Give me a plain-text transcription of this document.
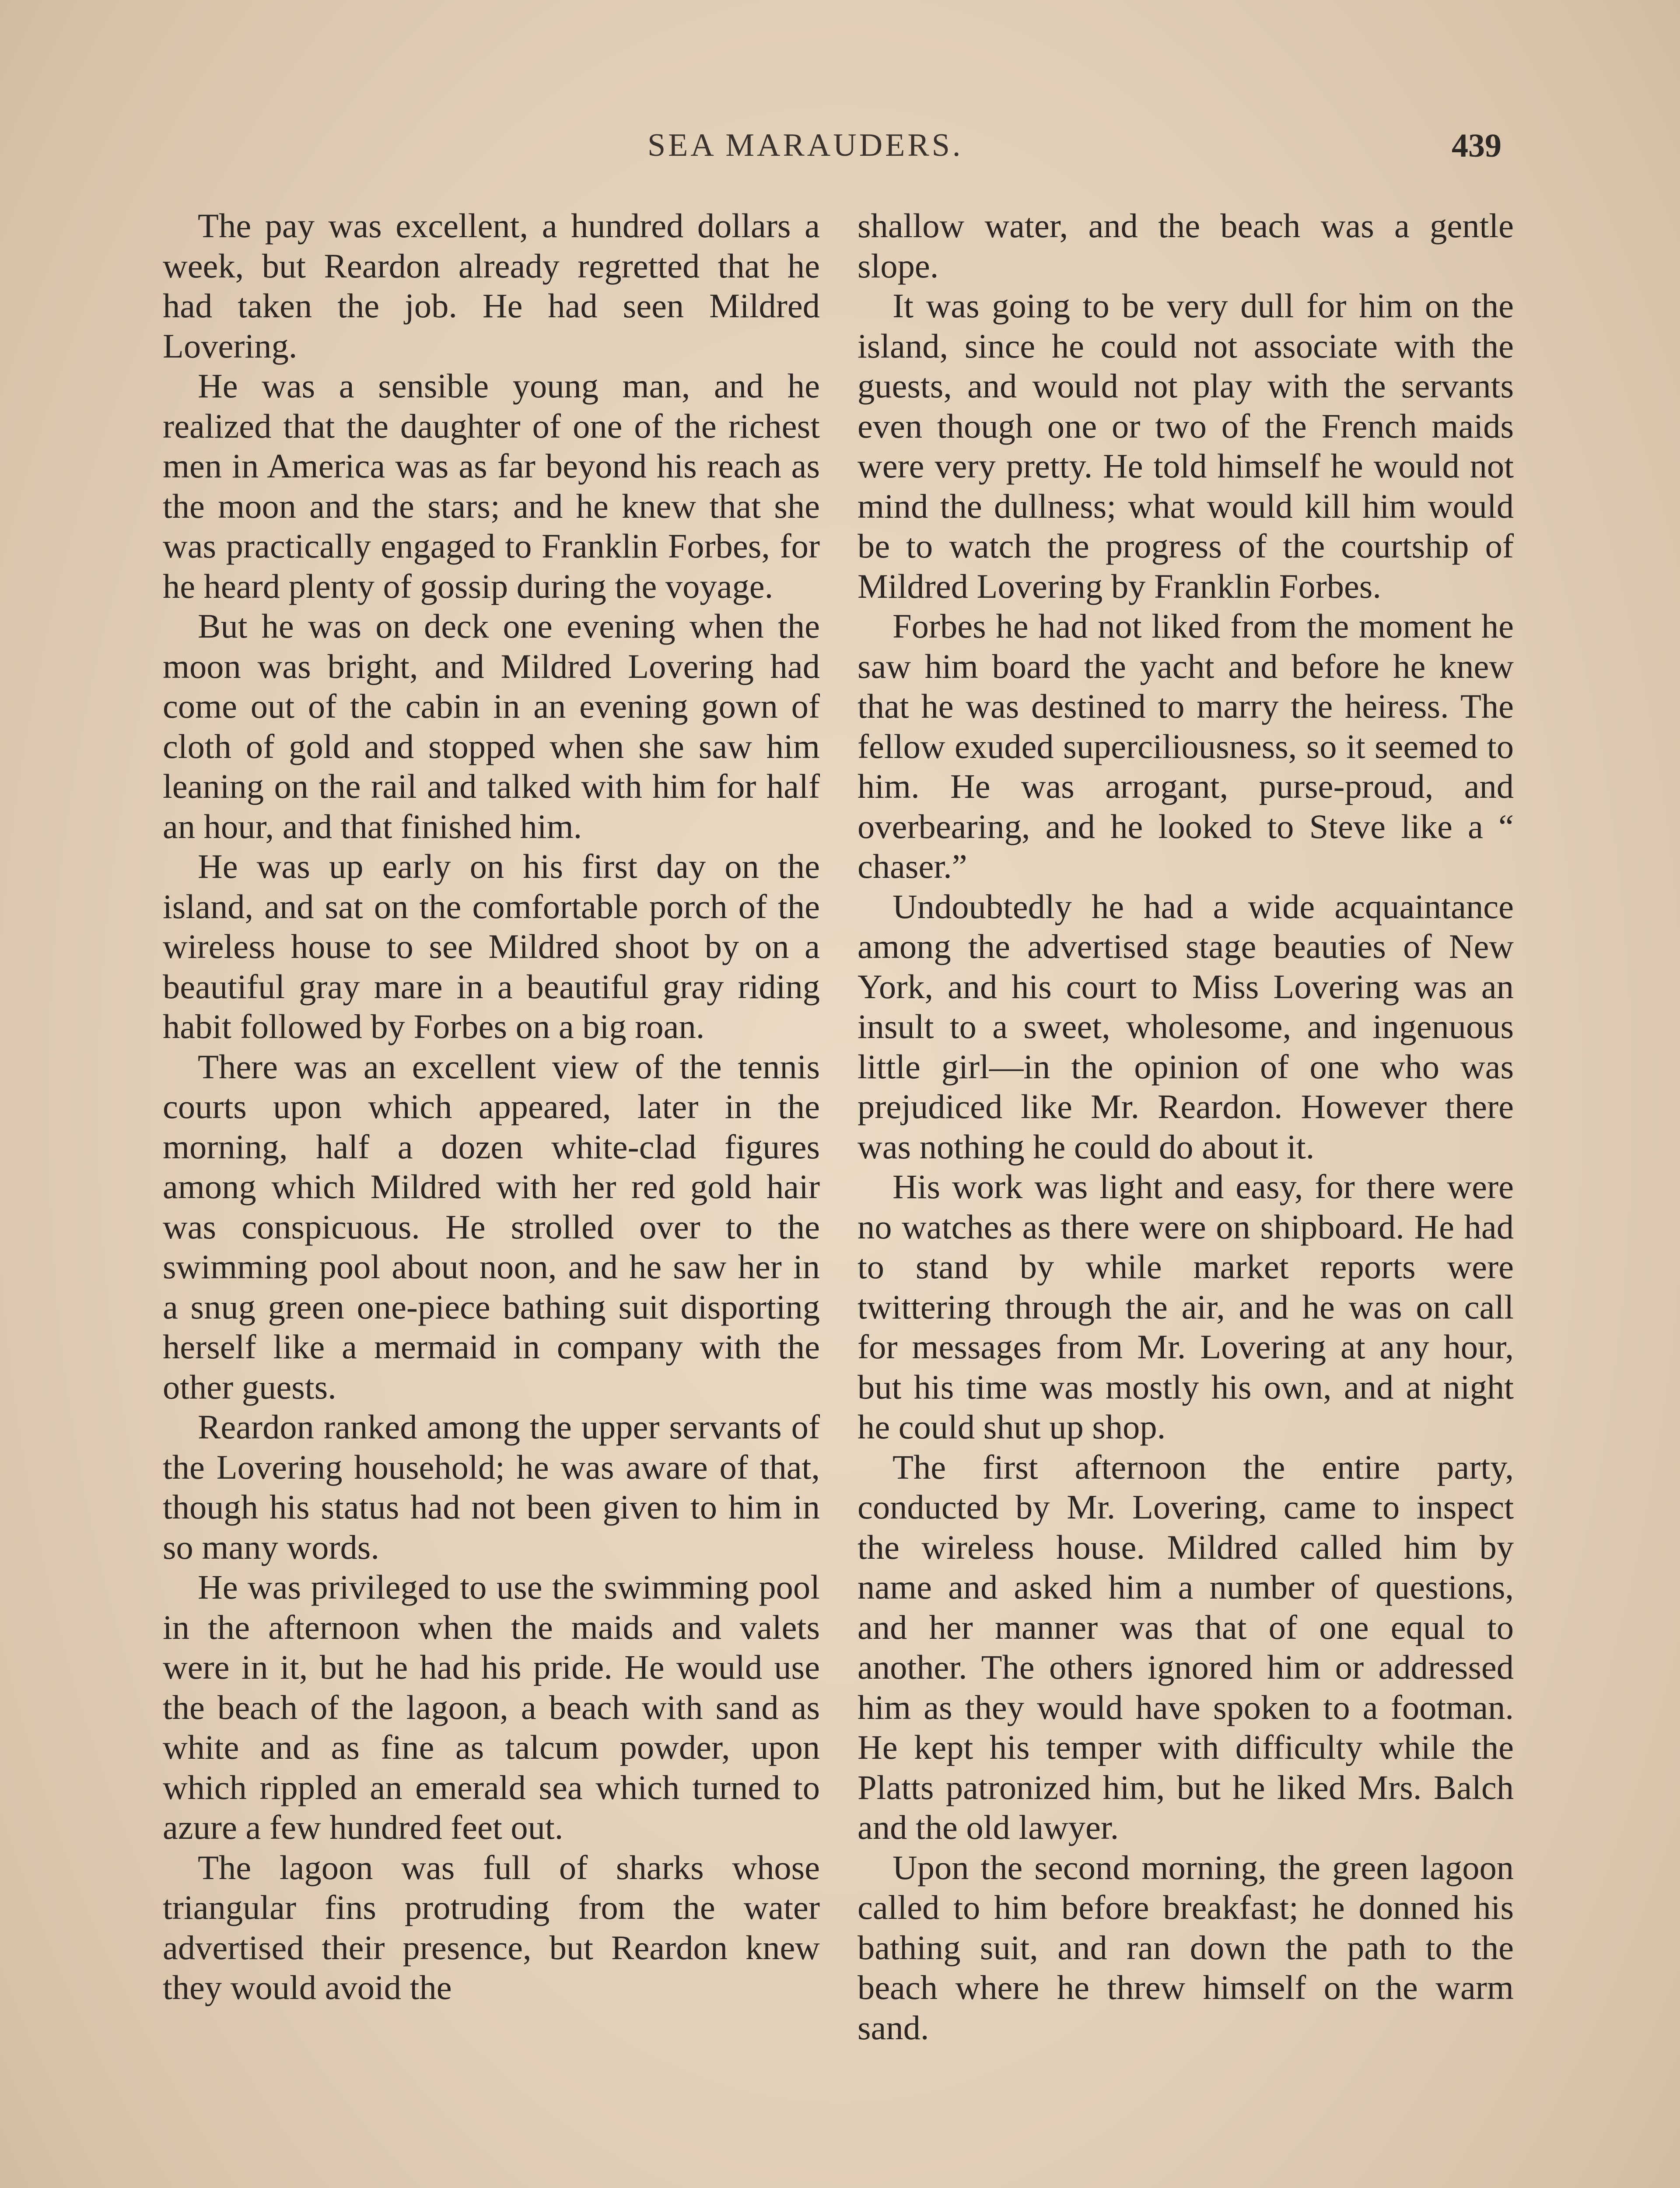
SEA MARAUDERS.	439

The pay was excellent, a hundred dollars a week, but Reardon already regretted that he had taken the job. He had seen Mildred Lovering.

He was a sensible young man, and he realized that the daughter of one of the richest men in America was as far beyond his reach as the moon and the stars; and he knew that she was practically engaged to Franklin Forbes, for he heard plenty of gossip during the voyage.

But he was on deck one evening when the moon was bright, and Mildred Lovering had come out of the cabin in an evening gown of cloth of gold and stopped when she saw him leaning on the rail and talked with him for half an hour, and that finished him.

He was up early on his first day on the island, and sat on the comfortable porch of the wireless house to see Mildred shoot by on a beautiful gray mare in a beautiful gray riding habit followed by Forbes on a big roan.

There was an excellent view of the tennis courts upon which appeared, later in the morning, half a dozen white-clad figures among which Mildred with her red gold hair was conspicuous. He strolled over to the swimming pool about noon, and he saw her in a snug green one-piece bathing suit disporting herself like a mermaid in company with the other guests.

Reardon ranked among the upper servants of the Lovering household; he was aware of that, though his status had not been given to him in so many words.

He was privileged to use the swimming pool in the afternoon when the maids and valets were in it, but he had his pride. He would use the beach of the lagoon, a beach with sand as white and as fine as talcum powder, upon which rippled an emerald sea which turned to azure a few hundred feet out.

The lagoon was full of sharks whose triangular fins protruding from the water advertised their presence, but Reardon knew they would avoid the

shallow water, and the beach was a gentle slope.

It was going to be very dull for him on the island, since he could not associate with the guests, and would not play with the servants even though one or two of the French maids were very pretty. He told himself he would not mind the dullness; what would kill him would be to watch the progress of the courtship of Mildred Lovering by Franklin Forbes.

Forbes he had not liked from the moment he saw him board the yacht and before he knew that he was destined to marry the heiress. The fellow exuded superciliousness, so it seemed to him. He was arrogant, purse-proud, and overbearing, and he looked to Steve like a “ chaser.”

Undoubtedly he had a wide acquaintance among the advertised stage beauties of New York, and his court to Miss Lovering was an insult to a sweet, wholesome, and ingenuous little girl—in the opinion of one who was prejudiced like Mr. Reardon. However there was nothing he could do about it.

His work was light and easy, for there were no watches as there were on shipboard. He had to stand by while market reports were twittering through the air, and he was on call for messages from Mr. Lovering at any hour, but his time was mostly his own, and at night he could shut up shop.

The first afternoon the entire party, conducted by Mr. Lovering, came to inspect the wireless house. Mildred called him by name and asked him a number of questions, and her manner was that of one equal to another. The others ignored him or addressed him as they would have spoken to a footman. He kept his temper with difficulty while the Platts patronized him, but he liked Mrs. Balch and the old lawyer.

Upon the second morning, the green lagoon called to him before breakfast; he donned his bathing suit, and ran down the path to the beach where he threw himself on the warm sand.
